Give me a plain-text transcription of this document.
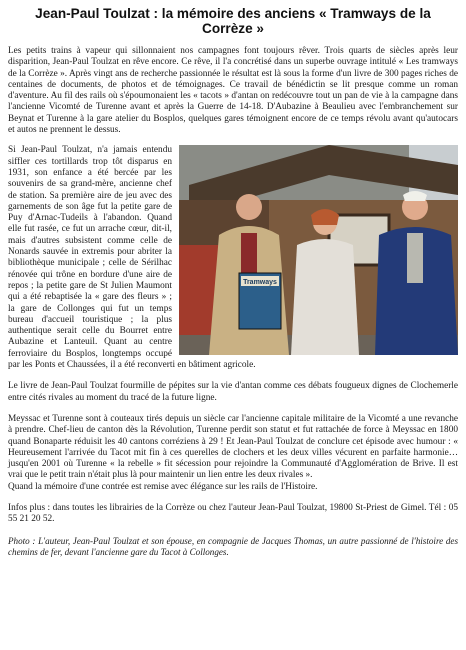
Jean-Paul Toulzat : la mémoire des anciens « Tramways de la Corrèze »

Les petits trains à vapeur qui sillonnaient nos campagnes font toujours rêver. Trois quarts de siècles après leur disparition, Jean-Paul Toulzat en rêve encore. Ce rêve, il l'a concrétisé dans un superbe ouvrage intitulé « Les tramways de la Corrèze ». Après vingt ans de recherche passionnée le résultat est là sous la forme d'un livre de 300 pages riches de centaines de documents, de photos et de témoignages. Ce travail de bénédictin se lit presque comme un roman d'aventure. Au fil des rails où s'époumonaient les « tacots » d'antan on redécouvre tout un pan de vie à la campagne dans l'ancienne Vicomté de Turenne avant et après la Guerre de 14-18. D'Aubazine à Beaulieu avec l'embranchement sur Beynat et Turenne à la gare atelier du Bosplos, quelques gares témoignent encore de ce temps révolu avant qu'autocars et autos ne prennent le dessus.

Tramways

Si Jean-Paul Toulzat, n'a jamais entendu siffler ces tortillards trop tôt disparus en 1931, son enfance a été bercée par les souvenirs de sa grand-mère, ancienne chef de station. Sa première aire de jeu avec des garnements de son âge fut la petite gare de Puy d'Arnac-Tudeils à l'abandon. Quand elle fut rasée, ce fut un arrache cœur, dit-il, mais d'autres subsistent comme celle de Nonards sauvée in extremis pour abriter la bibliothèque municipale ; celle de Sérilhac rénovée qui trône en bordure d'une aire de repos ; la petite gare de St Julien Maumont qui a été rebaptisée la « gare des fleurs » ; la gare de Collonges qui fut un temps bureau d'accueil touristique ; la plus authentique serait celle du Bourret entre Aubazine et Lanteuil. Quant au centre ferroviaire du Bosplos, longtemps occupé par les Ponts et Chaussées, il a été reconverti en bâtiment agricole.

Le livre de Jean-Paul Toulzat fourmille de pépites sur la vie d'antan comme ces débats fougueux dignes de Clochemerle entre cités rivales au moment du tracé de la future ligne.

Meyssac et Turenne sont à couteaux tirés depuis un siècle car l'ancienne capitale militaire de la Vicomté a une revanche à prendre. Chef-lieu de canton dès la Révolution, Turenne perdit son statut et fut rattachée de force à Meyssac en 1800 quand Bonaparte réduisit les 40 cantons corréziens à 29 ! Et Jean-Paul Toulzat de conclure cet épisode avec humour : « Heureusement l'arrivée du Tacot mit fin à ces querelles de clochers et les deux villes vécurent en parfaite harmonie…jusqu'en 2001 où Turenne « la rebelle » fit sécession pour rejoindre la Communauté d'Agglomération de Brive. Il est vrai que le petit train n'était plus là pour maintenir un lien entre les deux rivales ».

Quand la mémoire d'une contrée est remise avec élégance sur les rails de l'Histoire.

Infos plus : dans toutes les librairies de la Corrèze ou chez l'auteur Jean-Paul Toulzat, 19800 St-Priest de Gimel. Tél : 05 55 21 20 52.

Photo : L'auteur, Jean-Paul Toulzat et son épouse, en compagnie de Jacques Thomas, un autre passionné de l'histoire des chemins de fer, devant l'ancienne gare du Tacot à Collonges.
